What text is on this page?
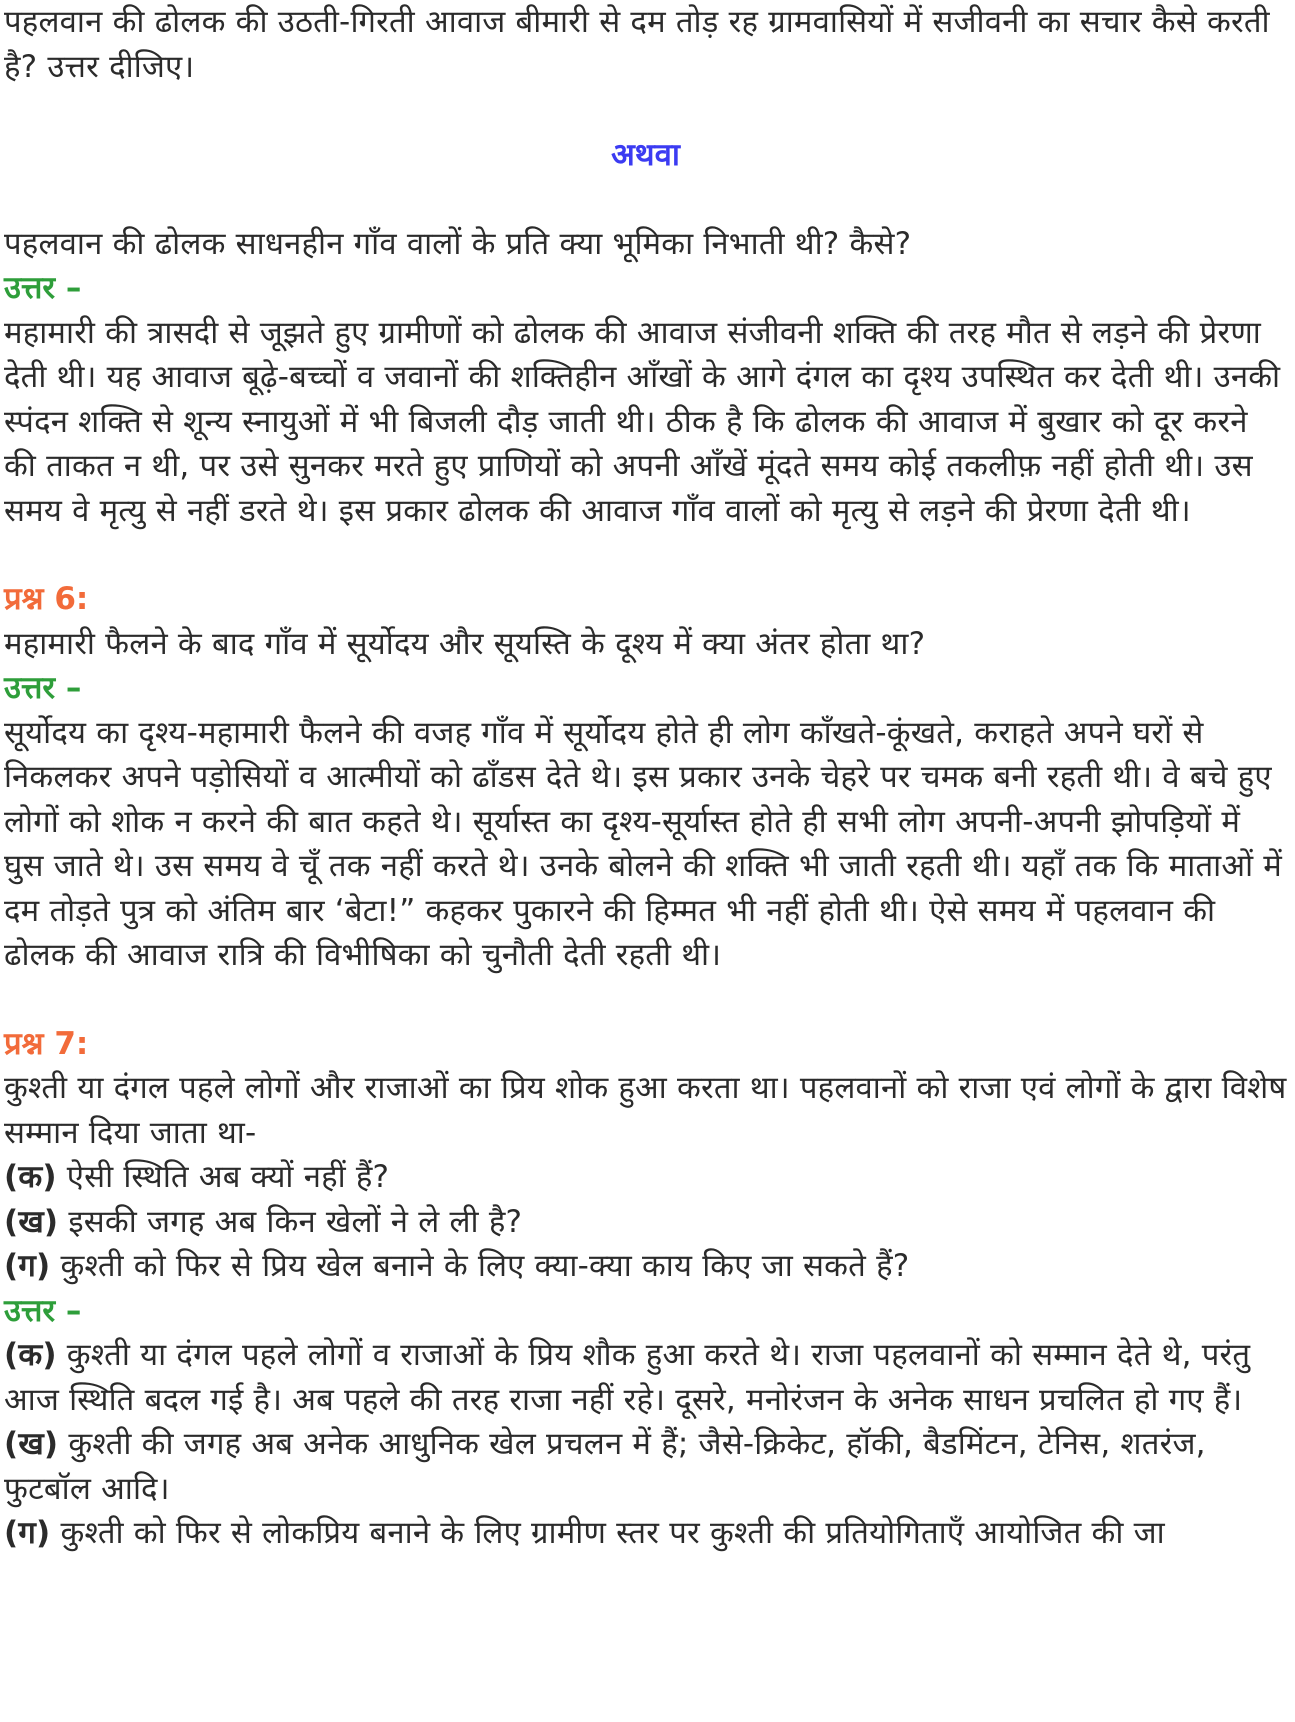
पहलवान की ढोलक की उठती-गिरती आवाज बीमारी से दम तोड़ रह ग्रामवासियों में सजीवनी का सचार कैसे करती है? उत्तर दीजिए।

अथवा

पहलवान की ढोलक साधनहीन गाँव वालों के प्रति क्या भूमिका निभाती थी? कैसे?

उत्तर –

महामारी की त्रासदी से जूझते हुए ग्रामीणों को ढोलक की आवाज संजीवनी शक्ति की तरह मौत से लड़ने की प्रेरणा देती थी। यह आवाज बूढ़े-बच्चों व जवानों की शक्तिहीन आँखों के आगे दंगल का दृश्य उपस्थित कर देती थी। उनकी स्पंदन शक्ति से शून्य स्नायुओं में भी बिजली दौड़ जाती थी। ठीक है कि ढोलक की आवाज में बुखार को दूर करने की ताकत न थी, पर उसे सुनकर मरते हुए प्राणियों को अपनी आँखें मूंदते समय कोई तकलीफ़ नहीं होती थी। उस समय वे मृत्यु से नहीं डरते थे। इस प्रकार ढोलक की आवाज गाँव वालों को मृत्यु से लड़ने की प्रेरणा देती थी।

प्रश्न 6:

महामारी फैलने के बाद गाँव में सूर्योदय और सूयस्ति के दूश्य में क्या अंतर होता था?

उत्तर –

सूर्योदय का दृश्य-महामारी फैलने की वजह गाँव में सूर्योदय होते ही लोग काँखते-कूंखते, कराहते अपने घरों से निकलकर अपने पड़ोसियों व आत्मीयों को ढाँडस देते थे। इस प्रकार उनके चेहरे पर चमक बनी रहती थी। वे बचे हुए लोगों को शोक न करने की बात कहते थे। सूर्यास्त का दृश्य-सूर्यास्त होते ही सभी लोग अपनी-अपनी झोपड़ियों में घुस जाते थे। उस समय वे चूँ तक नहीं करते थे। उनके बोलने की शक्ति भी जाती रहती थी। यहाँ तक कि माताओं में दम तोड़ते पुत्र को अंतिम बार ‘बेटा!” कहकर पुकारने की हिम्मत भी नहीं होती थी। ऐसे समय में पहलवान की ढोलक की आवाज रात्रि की विभीषिका को चुनौती देती रहती थी।

प्रश्न 7:

कुश्ती या दंगल पहले लोगों और राजाओं का प्रिय शोक हुआ करता था। पहलवानों को राजा एवं लोगों के द्वारा विशेष सम्मान दिया जाता था-

(क) ऐसी स्थिति अब क्यों नहीं हैं?

(ख) इसकी जगह अब किन खेलों ने ले ली है?

(ग) कुश्ती को फिर से प्रिय खेल बनाने के लिए क्या-क्या काय किए जा सकते हैं?

उत्तर –

(क) कुश्ती या दंगल पहले लोगों व राजाओं के प्रिय शौक हुआ करते थे। राजा पहलवानों को सम्मान देते थे, परंतु आज स्थिति बदल गई है। अब पहले की तरह राजा नहीं रहे। दूसरे, मनोरंजन के अनेक साधन प्रचलित हो गए हैं।

(ख) कुश्ती की जगह अब अनेक आधुनिक खेल प्रचलन में हैं; जैसे-क्रिकेट, हॉकी, बैडमिंटन, टेनिस, शतरंज, फुटबॉल आदि।

(ग) कुश्ती को फिर से लोकप्रिय बनाने के लिए ग्रामीण स्तर पर कुश्ती की प्रतियोगिताएँ आयोजित की जा
